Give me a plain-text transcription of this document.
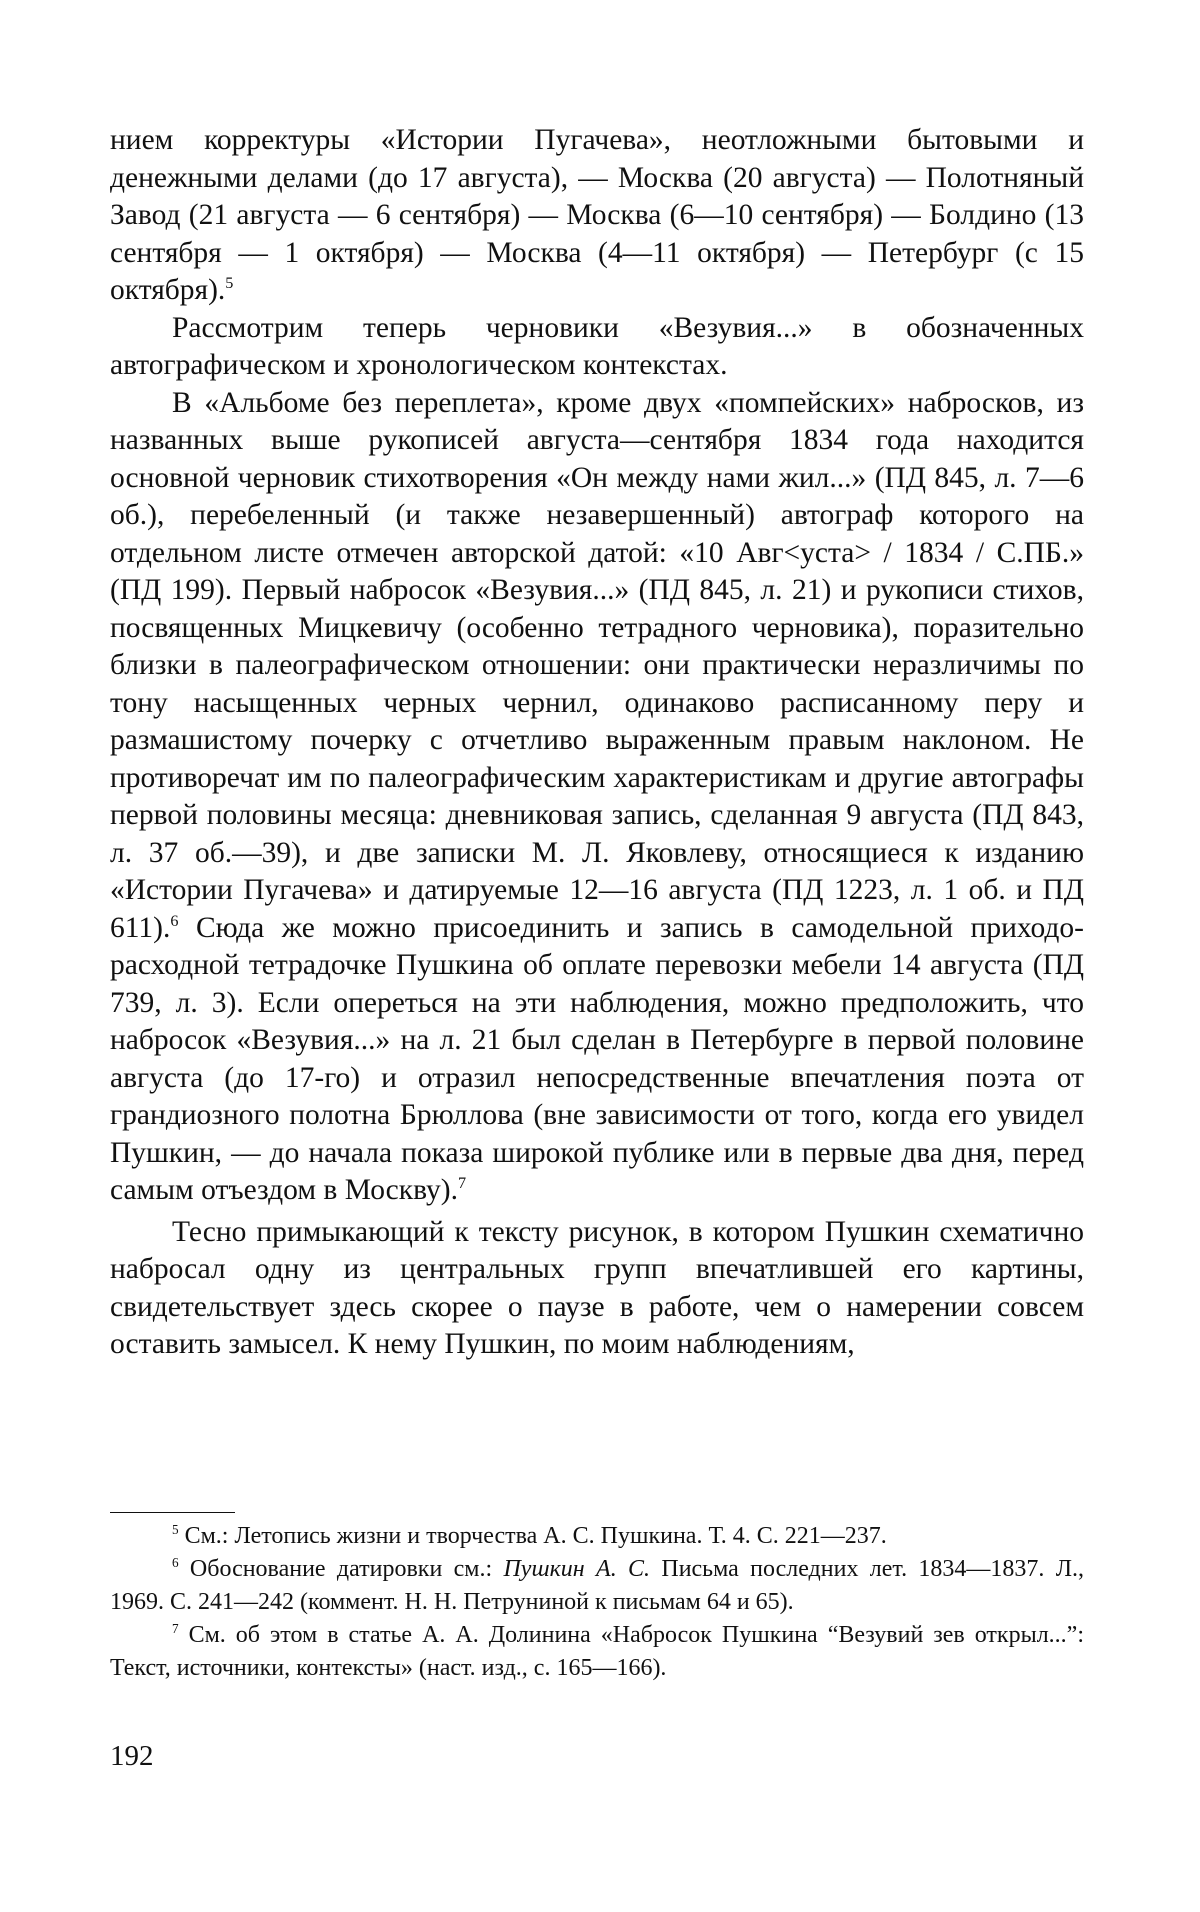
нием корректуры «Истории Пугачева», неотложными бытовыми и денежными делами (до 17 августа), — Москва (20 августа) — Полотняный Завод (21 августа — 6 сентября) — Москва (6—10 сентября) — Болдино (13 сентября — 1 октября) — Москва (4—11 октября) — Петербург (с 15 октября).$^5$

Рассмотрим теперь черновики «Везувия...» в обозначенных автографическом и хронологическом контекстах.

В «Альбоме без переплета», кроме двух «помпейских» набросков, из названных выше рукописей августа—сентября 1834 года находится основной черновик стихотворения «Он между нами жил...» (ПД 845, л. 7—6 об.), перебеленный (и также незавершенный) автограф которого на отдельном листе отмечен авторской датой: «10 Авг<уста> / 1834 / С.ПБ.» (ПД 199). Первый набросок «Везувия...» (ПД 845, л. 21) и рукописи стихов, посвященных Мицкевичу (особенно тетрадного черновика), поразительно близки в палеографическом отношении: они практически неразличимы по тону насыщенных черных чернил, одинаково расписанному перу и размашистому почерку с отчетливо выраженным правым наклоном. Не противоречат им по палеографическим характеристикам и другие автографы первой половины месяца: дневниковая запись, сделанная 9 августа (ПД 843, л. 37 об.—39), и две записки М. Л. Яковлеву, относящиеся к изданию «Истории Пугачева» и датируемые 12—16 августа (ПД 1223, л. 1 об. и ПД 611).$^6$ Сюда же можно присоединить и запись в самодельной приходо-расходной тетрадочке Пушкина об оплате перевозки мебели 14 августа (ПД 739, л. 3). Если опереться на эти наблюдения, можно предположить, что набросок «Везувия...» на л. 21 был сделан в Петербурге в первой половине августа (до 17-го) и отразил непосредственные впечатления поэта от грандиозного полотна Брюллова (вне зависимости от того, когда его увидел Пушкин, — до начала показа широкой публике или в первые два дня, перед самым отъездом в Москву).$^7$

Тесно примыкающий к тексту рисунок, в котором Пушкин схематично набросал одну из центральных групп впечатлившей его картины, свидетельствует здесь скорее о паузе в работе, чем о намерении совсем оставить замысел. К нему Пушкин, по моим наблюдениям,

$^5$ См.: Летопись жизни и творчества А. С. Пушкина. Т. 4. С. 221—237.

$^6$ Обоснование датировки см.: Пушкин А. С. Письма последних лет. 1834—1837. Л., 1969. С. 241—242 (коммент. Н. Н. Петруниной к письмам 64 и 65).

$^7$ См. об этом в статье А. А. Долинина «Набросок Пушкина “Везувий зев открыл...”: Текст, источники, контексты» (наст. изд., с. 165—166).

192
